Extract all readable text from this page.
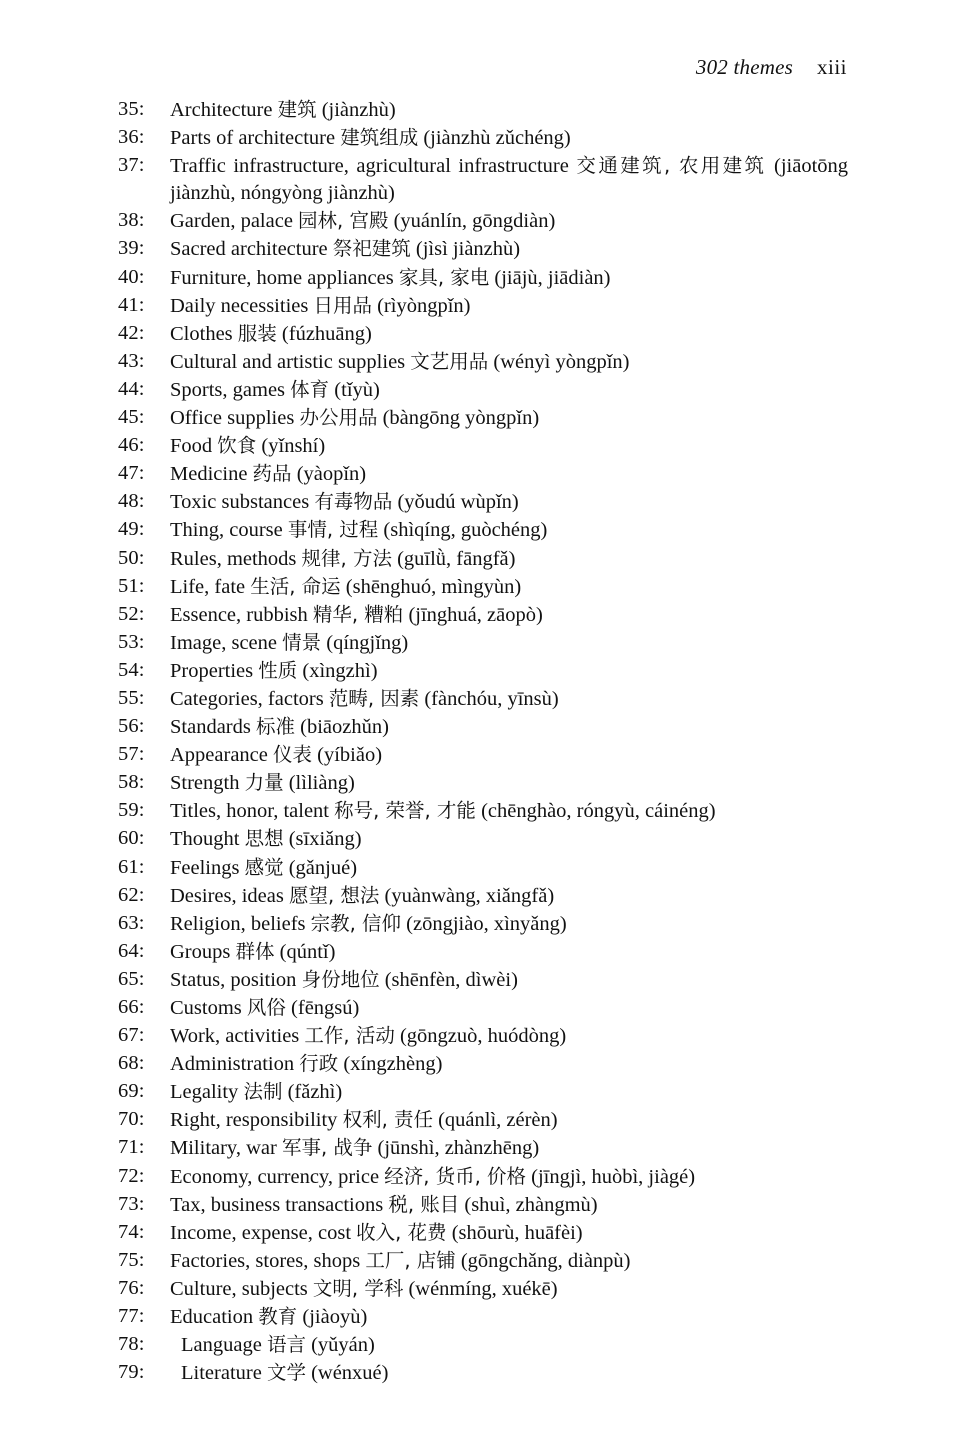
302 themes xiii
35:	Architecture 建筑 (jiànzhù)
36:	Parts of architecture 建筑组成 (jiànzhù zǔchéng)
37:	Traffic infrastructure, agricultural infrastructure 交通建筑, 农用建筑 (jiāotōng jiànzhù, nóngyòng jiànzhù)
38:	Garden, palace 园林, 宫殿 (yuánlín, gōngdiàn)
39:	Sacred architecture 祭祀建筑 (jìsì jiànzhù)
40:	Furniture, home appliances 家具, 家电 (jiājù, jiādiàn)
41:	Daily necessities 日用品 (rìyòngpǐn)
42:	Clothes 服装 (fúzhuāng)
43:	Cultural and artistic supplies 文艺用品 (wényì yòngpǐn)
44:	Sports, games 体育 (tǐyù)
45:	Office supplies 办公用品 (bàngōng yòngpǐn)
46:	Food 饮食 (yǐnshí)
47:	Medicine 药品 (yàopǐn)
48:	Toxic substances 有毒物品 (yǒudú wùpǐn)
49:	Thing, course 事情, 过程 (shìqíng, guòchéng)
50:	Rules, methods 规律, 方法 (guīlǜ, fāngfǎ)
51:	Life, fate 生活, 命运 (shēnghuó, mìngyùn)
52:	Essence, rubbish 精华, 糟粕 (jīnghuá, zāopò)
53:	Image, scene 情景 (qíngjǐng)
54:	Properties 性质 (xìngzhì)
55:	Categories, factors 范畴, 因素 (fànchóu, yīnsù)
56:	Standards 标准 (biāozhǔn)
57:	Appearance 仪表 (yíbiǎo)
58:	Strength 力量 (lìliàng)
59:	Titles, honor, talent 称号, 荣誉, 才能 (chēnghào, róngyù, cáinéng)
60:	Thought 思想 (sīxiǎng)
61:	Feelings 感觉 (gǎnjué)
62:	Desires, ideas 愿望, 想法 (yuànwàng, xiǎngfǎ)
63:	Religion, beliefs 宗教, 信仰 (zōngjiào, xìnyǎng)
64:	Groups 群体 (qúntǐ)
65:	Status, position 身份地位 (shēnfèn, dìwèi)
66:	Customs 风俗 (fēngsú)
67:	Work, activities 工作, 活动 (gōngzuò, huódòng)
68:	Administration 行政 (xíngzhèng)
69:	Legality 法制 (fǎzhì)
70:	Right, responsibility 权利, 责任 (quánlì, zérèn)
71:	Military, war 军事, 战争 (jūnshì, zhànzhēng)
72:	Economy, currency, price 经济, 货币, 价格 (jīngjì, huòbì, jiàgé)
73:	Tax, business transactions 税, 账目 (shuì, zhàngmù)
74:	Income, expense, cost 收入, 花费 (shōurù, huāfèi)
75:	Factories, stores, shops 工厂, 店铺 (gōngchǎng, diànpù)
76:	Culture, subjects 文明, 学科 (wénmíng, xuékē)
77:	Education 教育 (jiàoyù)
78:	Language 语言 (yǔyán)
79:	Literature 文学 (wénxué)
